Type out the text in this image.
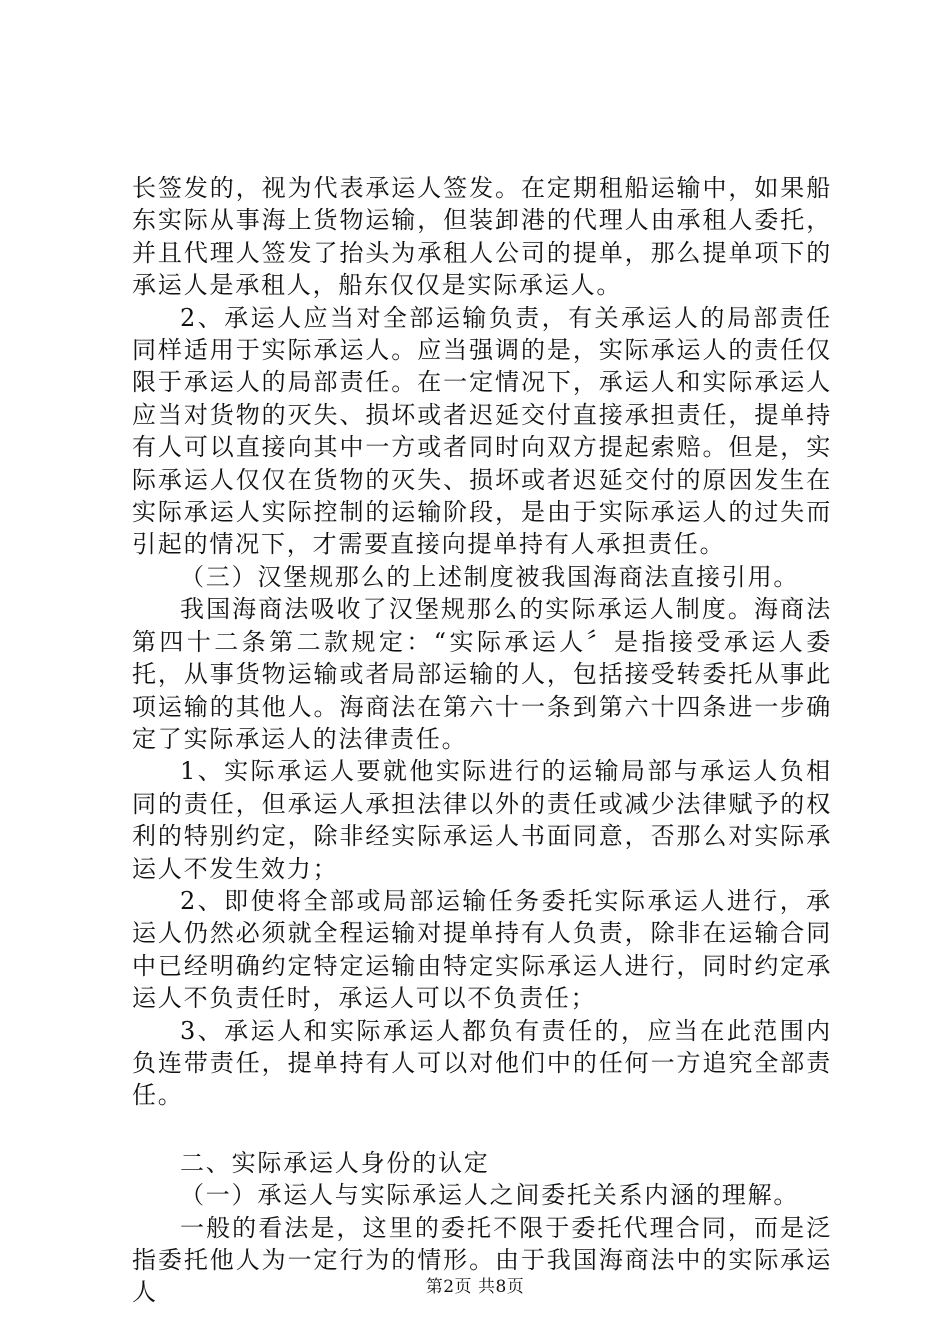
长签发的，视为代表承运人签发。在定期租船运输中，如果船东实际从事海上货物运输，但装卸港的代理人由承租人委托，并且代理人签发了抬头为承租人公司的提单，那么提单项下的承运人是承租人，船东仅仅是实际承运人。

2、承运人应当对全部运输负责，有关承运人的局部责任同样适用于实际承运人。应当强调的是，实际承运人的责任仅限于承运人的局部责任。在一定情况下，承运人和实际承运人应当对货物的灭失、损坏或者迟延交付直接承担责任，提单持有人可以直接向其中一方或者同时向双方提起索赔。但是，实际承运人仅仅在货物的灭失、损坏或者迟延交付的原因发生在实际承运人实际控制的运输阶段，是由于实际承运人的过失而引起的情况下，才需要直接向提单持有人承担责任。

（三）汉堡规那么的上述制度被我国海商法直接引用。

我国海商法吸收了汉堡规那么的实际承运人制度。海商法第四十二条第二款规定：“实际承运人〞是指接受承运人委托，从事货物运输或者局部运输的人，包括接受转委托从事此项运输的其他人。海商法在第六十一条到第六十四条进一步确定了实际承运人的法律责任。

1、实际承运人要就他实际进行的运输局部与承运人负相同的责任，但承运人承担法律以外的责任或减少法律赋予的权利的特别约定，除非经实际承运人书面同意，否那么对实际承运人不发生效力；

2、即使将全部或局部运输任务委托实际承运人进行，承运人仍然必须就全程运输对提单持有人负责，除非在运输合同中已经明确约定特定运输由特定实际承运人进行，同时约定承运人不负责任时，承运人可以不负责任；

3、承运人和实际承运人都负有责任的，应当在此范围内负连带责任，提单持有人可以对他们中的任何一方追究全部责任。

二、实际承运人身份的认定

（一）承运人与实际承运人之间委托关系内涵的理解。

一般的看法是，这里的委托不限于委托代理合同，而是泛指委托他人为一定行为的情形。由于我国海商法中的实际承运人	第2页 共8页
